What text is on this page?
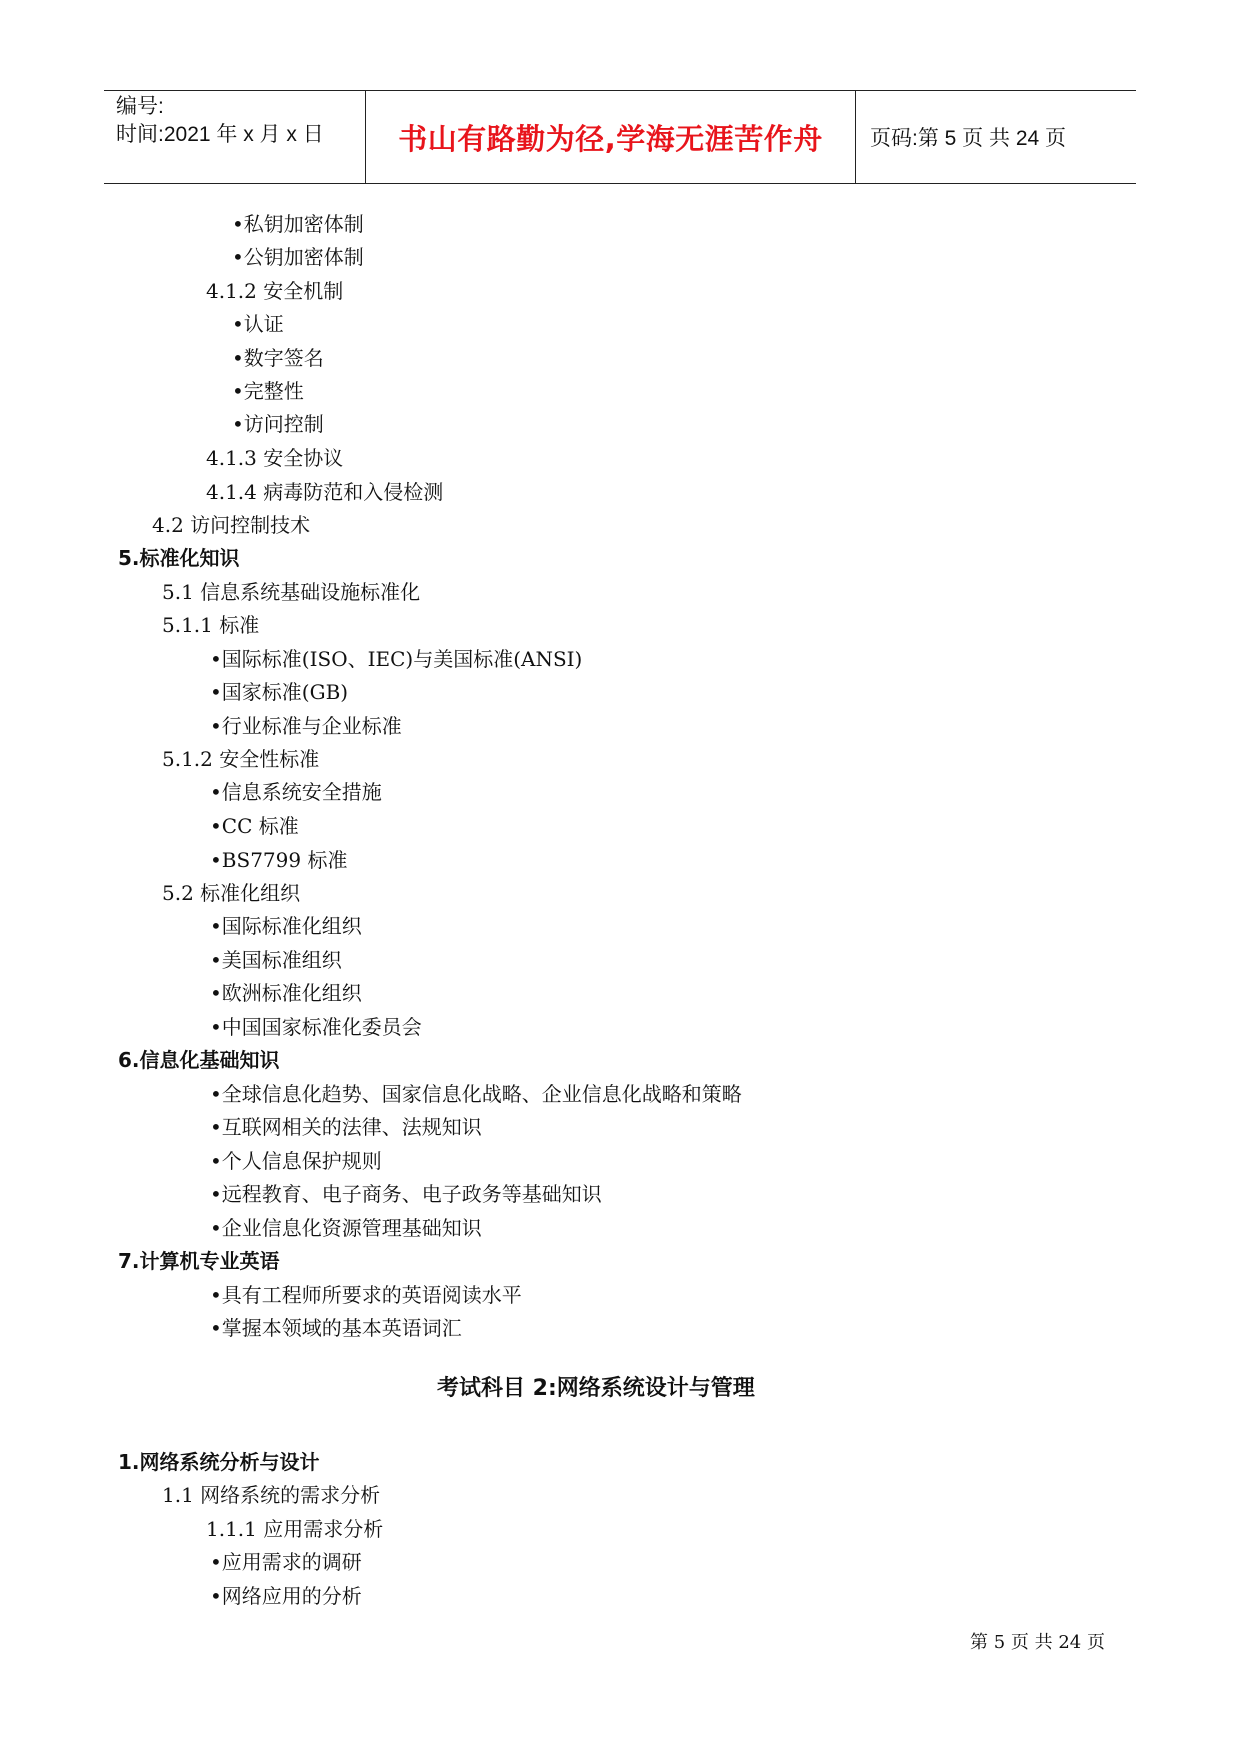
编号:
时间:2021 年 x 月 x 日	书山有路勤为径,学海无涯苦作舟	页码:第 5 页 共 24 页
•私钥加密体制
•公钥加密体制
4.1.2 安全机制
•认证
•数字签名
•完整性
•访问控制
4.1.3 安全协议
4.1.4 病毒防范和入侵检测
4.2 访问控制技术
5.标准化知识
5.1 信息系统基础设施标准化
5.1.1 标准
•国际标准(ISO、IEC)与美国标准(ANSI)
•国家标准(GB)
•行业标准与企业标准
5.1.2 安全性标准
•信息系统安全措施
•CC 标准
•BS7799 标准
5.2 标准化组织
•国际标准化组织
•美国标准组织
•欧洲标准化组织
•中国国家标准化委员会
6.信息化基础知识
•全球信息化趋势、国家信息化战略、企业信息化战略和策略
•互联网相关的法律、法规知识
•个人信息保护规则
•远程教育、电子商务、电子政务等基础知识
•企业信息化资源管理基础知识
7.计算机专业英语
•具有工程师所要求的英语阅读水平
•掌握本领域的基本英语词汇
考试科目 2:网络系统设计与管理
1.网络系统分析与设计
1.1 网络系统的需求分析
1.1.1 应用需求分析
•应用需求的调研
•网络应用的分析
第 5 页 共 24 页
